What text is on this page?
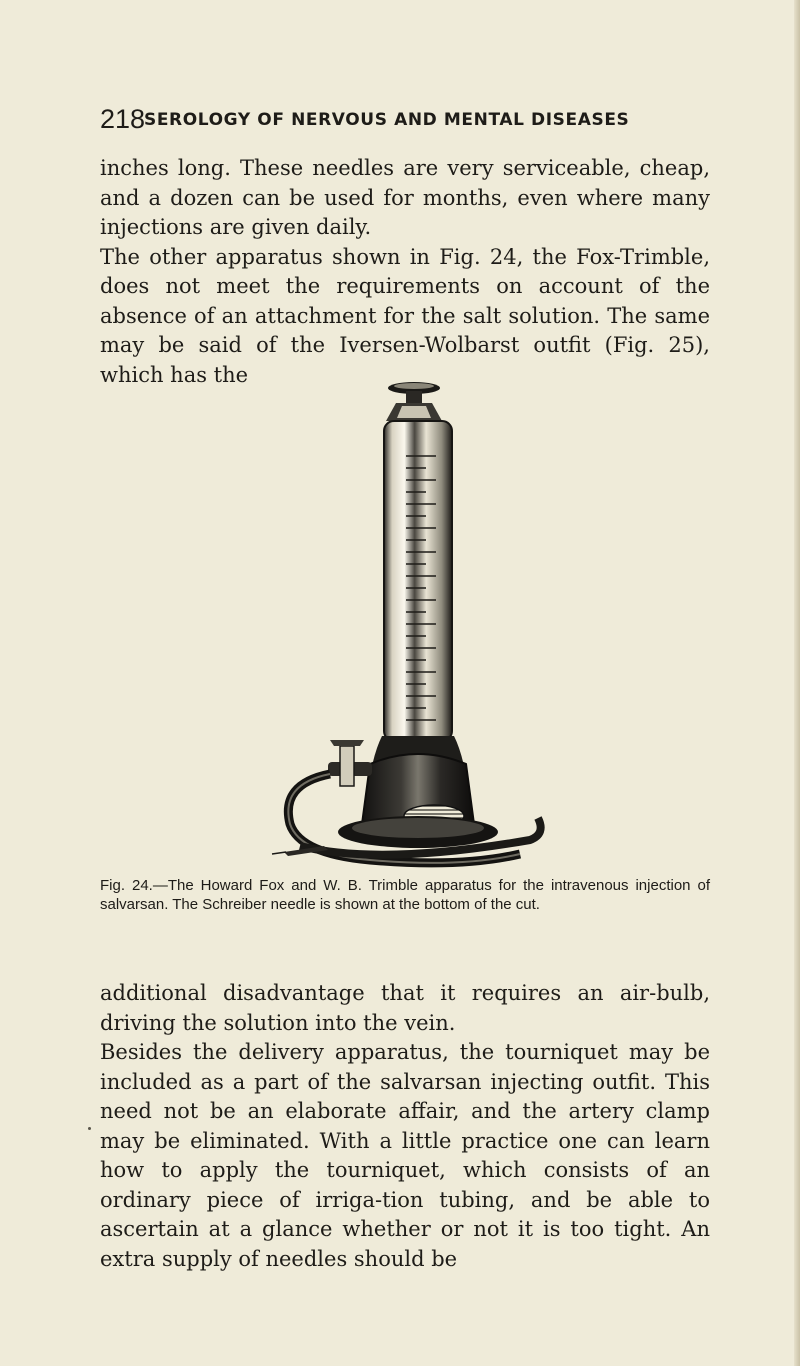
218
SEROLOGY OF NERVOUS AND MENTAL DISEASES

inches long. These needles are very serviceable, cheap, and a dozen can be used for months, even where many injections are given daily.

The other apparatus shown in Fig. 24, the Fox-Trimble, does not meet the requirements on account of the absence of an attachment for the salt solution. The same may be said of the Iversen-Wolbarst outfit (Fig. 25), which has the

Fig. 24.—The Howard Fox and W. B. Trimble apparatus for the intravenous injection of salvarsan. The Schreiber needle is shown at the bottom of the cut.

additional disadvantage that it requires an air-bulb, driving the solution into the vein.

Besides the delivery apparatus, the tourniquet may be included as a part of the salvarsan injecting outfit. This need not be an elaborate affair, and the artery clamp may be eliminated. With a little practice one can learn how to apply the tourniquet, which consists of an ordinary piece of irriga-tion tubing, and be able to ascertain at a glance whether or not it is too tight. An extra supply of needles should be
